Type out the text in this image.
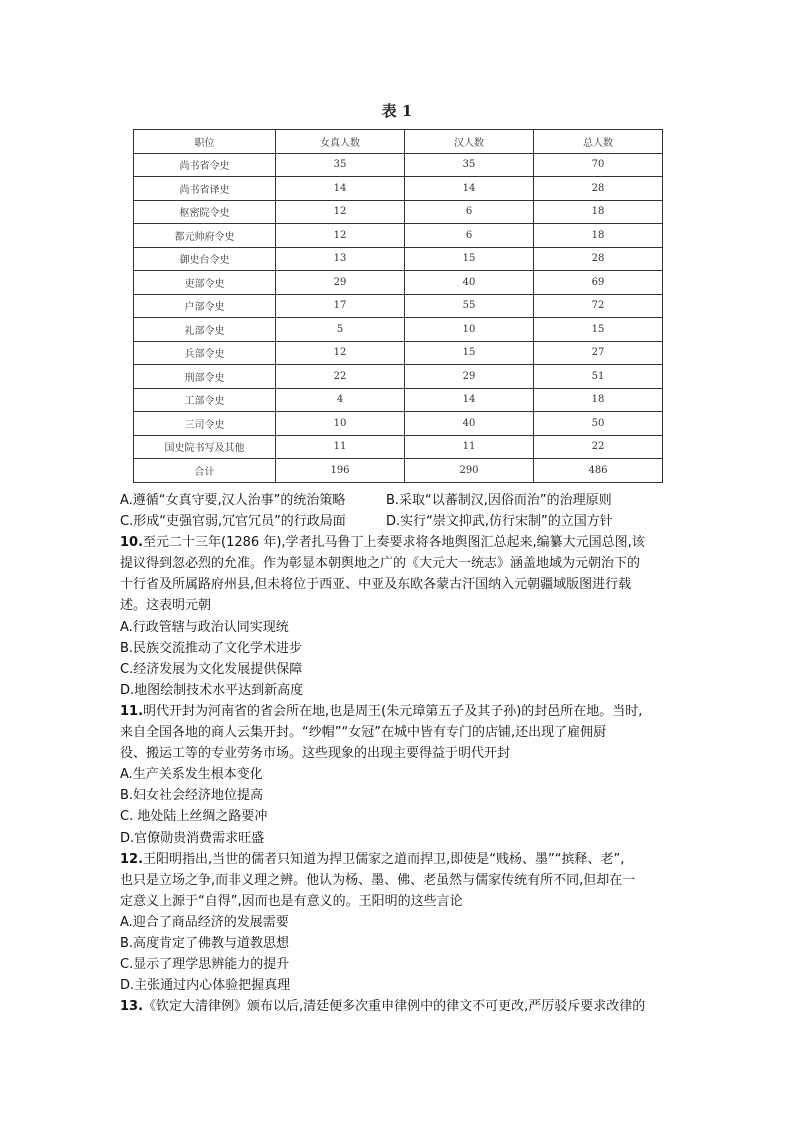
表 1
职位	女真人数	汉人数	总人数
尚书省令史	35	35	70
尚书省译史	14	14	28
枢密院令史	12	6	18
都元帅府令史	12	6	18
御史台令史	13	15	28
吏部令史	29	40	69
户部令史	17	55	72
礼部令史	5	10	15
兵部令史	12	15	27
刑部令史	22	29	51
工部令史	4	14	18
三司令史	10	40	50
国史院书写及其他	11	11	22
合计	196	290	486
A.遵循“女真守要,汉人治事”的统治策略	B.采取“以蕃制汉,因俗而治”的治理原则
C.形成“吏强官弱,冗官冗员”的行政局面	D.实行“崇文抑武,仿行宋制”的立国方针
10.至元二十三年(1286 年),学者扎马鲁丁上奏要求将各地舆图汇总起来,编纂大元国总图,该
提议得到忽必烈的允准。作为彰显本朝舆地之广的《大元大一统志》涵盖地域为元朝治下的
十行省及所属路府州县,但未将位于西亚、中亚及东欧各蒙古汗国纳入元朝疆域版图进行载
述。这表明元朝
A.行政管辖与政治认同实现统
B.民族交流推动了文化学术进步
C.经济发展为文化发展提供保障
D.地图绘制技术水平达到新高度
11.明代开封为河南省的省会所在地,也是周王(朱元璋第五子及其子孙)的封邑所在地。当时,
来自全国各地的商人云集开封。“纱帽”“女冠”在城中皆有专门的店铺,还出现了雇佣厨
役、搬运工等的专业劳务市场。这些现象的出现主要得益于明代开封
A.生产关系发生根本变化
B.妇女社会经济地位提高
C. 地处陆上丝绸之路要冲
D.官僚勋贵消费需求旺盛
12.王阳明指出,当世的儒者只知道为捍卫儒家之道而捍卫,即使是“贱杨、墨”“摈释、老”,
也只是立场之争,而非义理之辨。他认为杨、墨、佛、老虽然与儒家传统有所不同,但却在一
定意义上源于“自得”,因而也是有意义的。王阳明的这些言论
A.迎合了商品经济的发展需要
B.高度肯定了佛教与道教思想
C.显示了理学思辨能力的提升
D.主张通过内心体验把握真理
13.《钦定大清律例》颁布以后,清廷便多次重申律例中的律文不可更改,严厉驳斥要求改律的
